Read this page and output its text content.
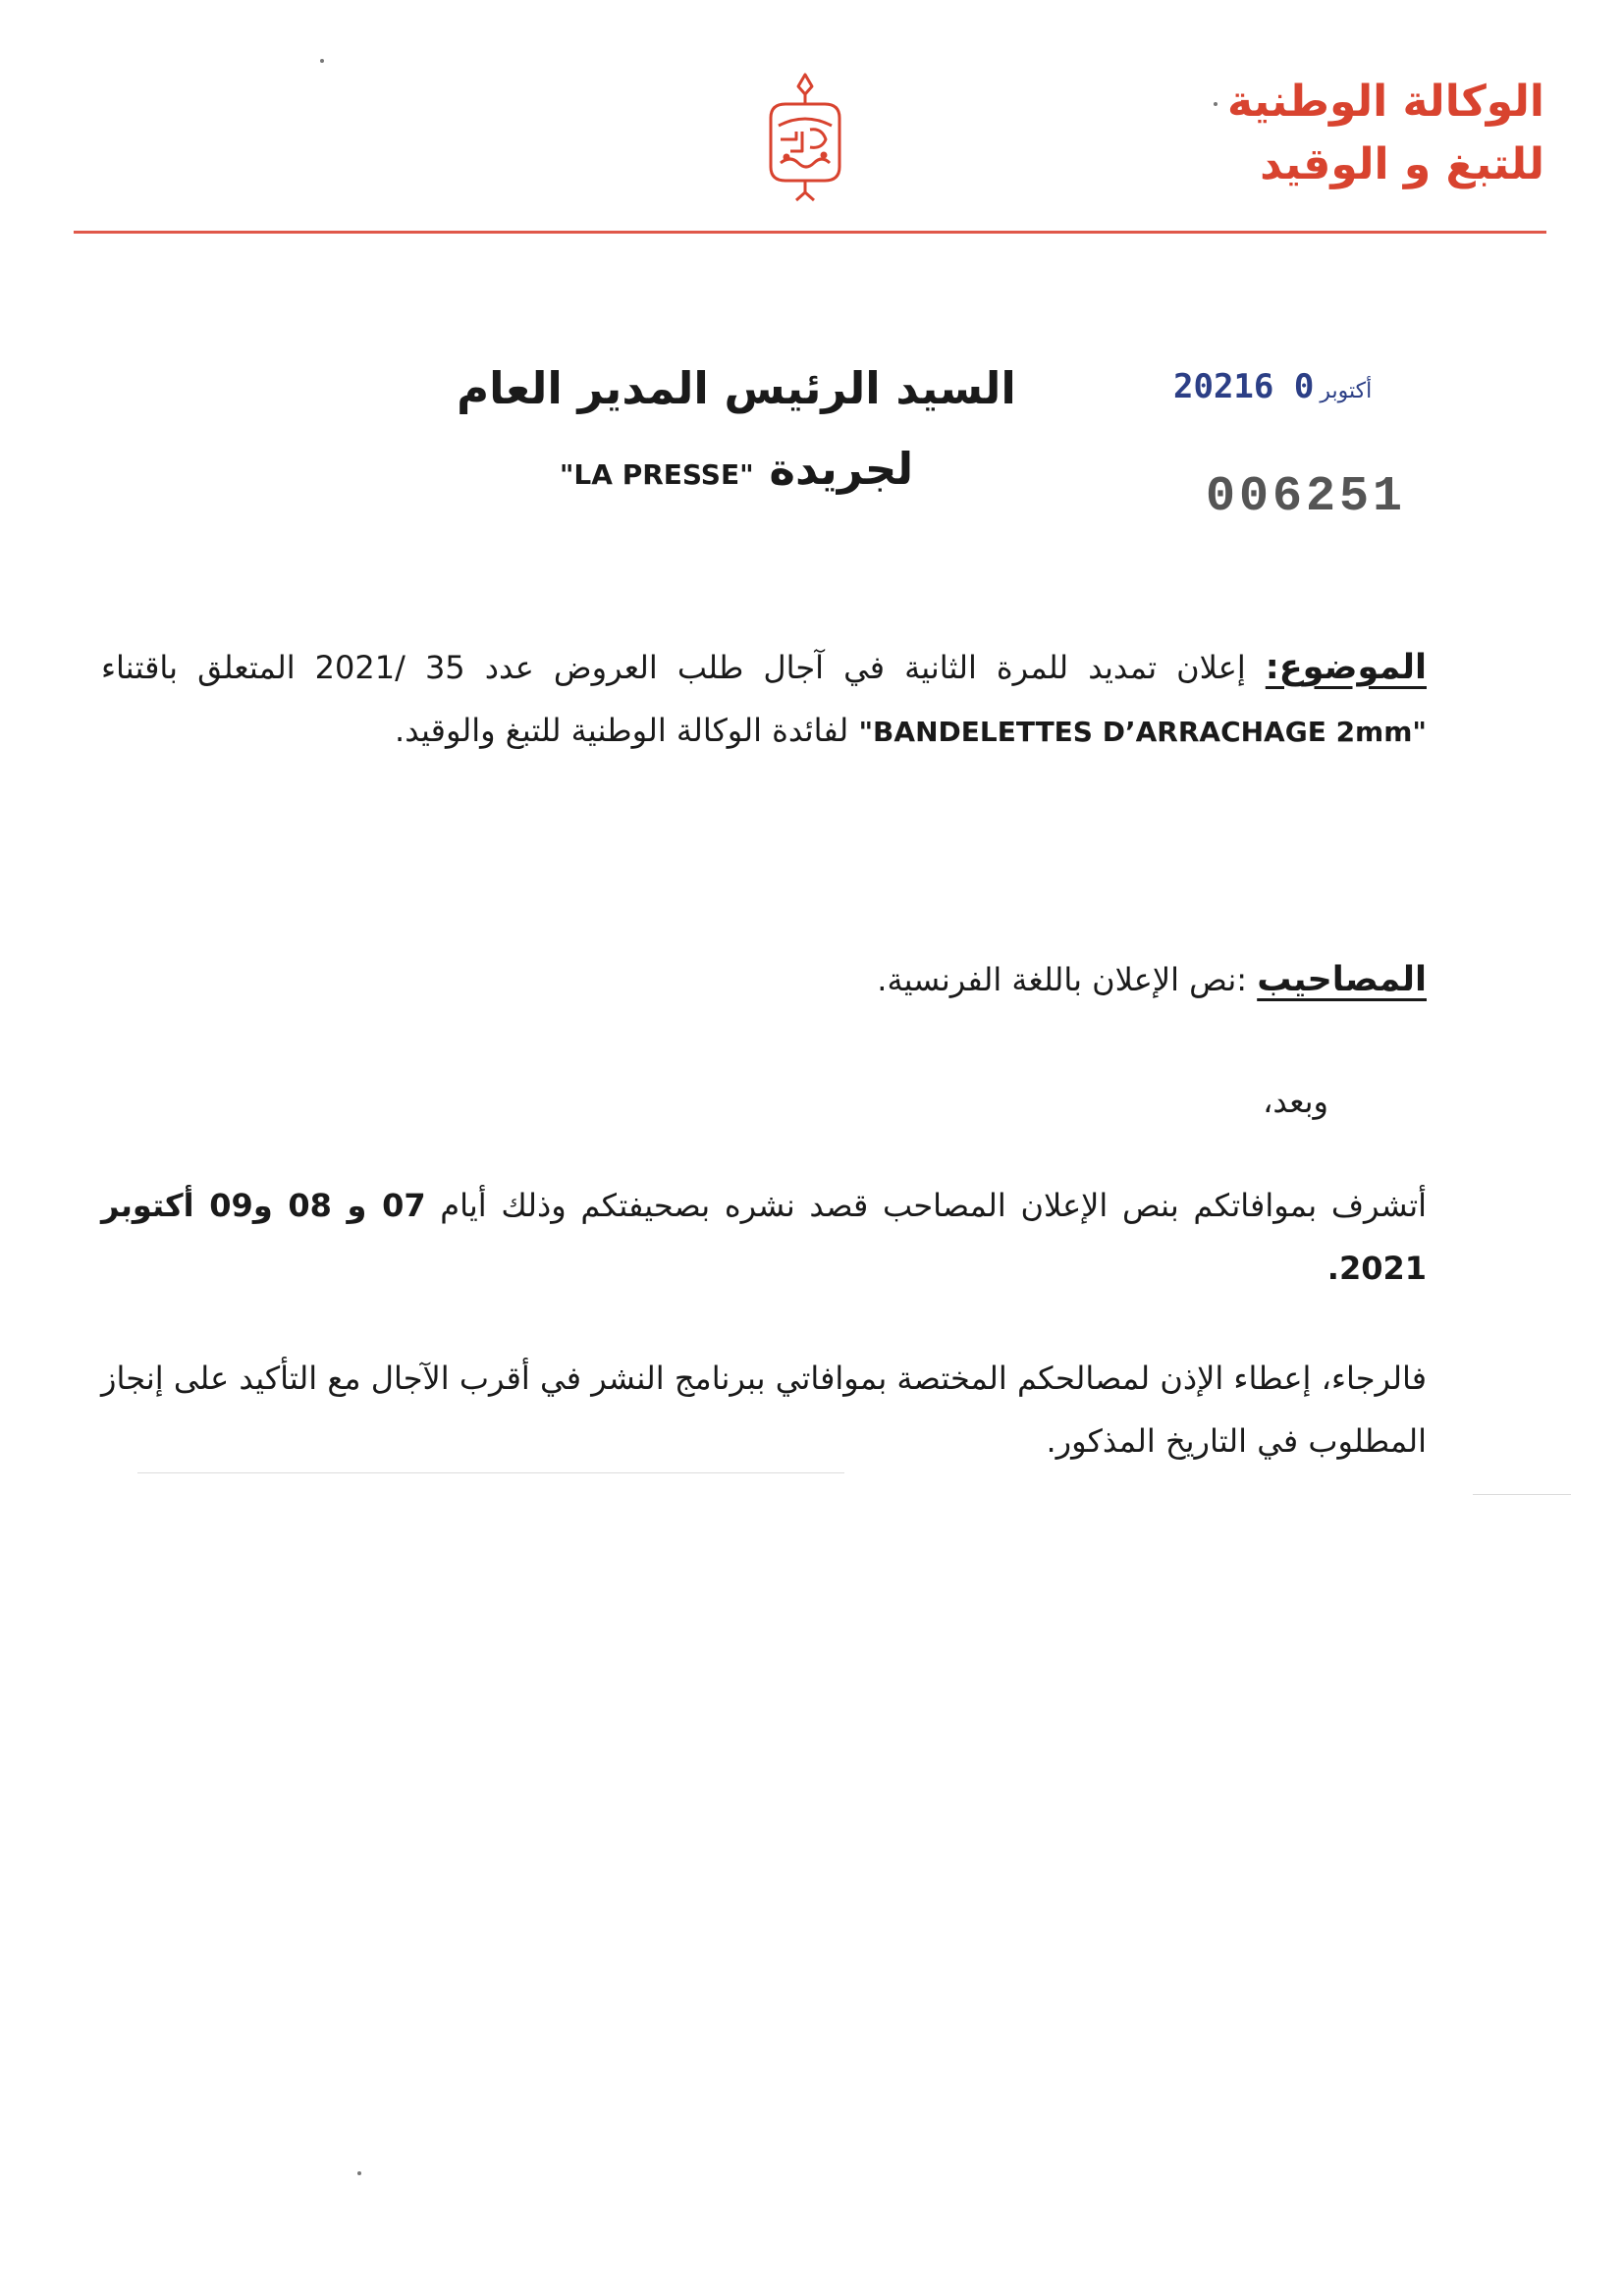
الوكالة الوطنية
للتبغ و الوقيد
2021	أكتوبر0 6
006251
السيد الرئيس المدير العام
لجريدة "LA PRESSE"
الموضوع: إعلان تمديد للمرة الثانية في آجال طلب العروض عدد 35 /2021 المتعلق باقتناء "BANDELETTES D’ARRACHAGE 2mm" لفائدة الوكالة الوطنية للتبغ والوقيد.
المصاحيب :نص الإعلان باللغة الفرنسية.
وبعد،
أتشرف بموافاتكم بنص الإعلان المصاحب قصد نشره بصحيفتكم وذلك أيام 07 و 08 و09 أكتوبر 2021.
فالرجاء، إعطاء الإذن لمصالحكم المختصة بموافاتي ببرنامج النشر في أقرب الآجال مع التأكيد على إنجاز المطلوب في التاريخ المذكور.
